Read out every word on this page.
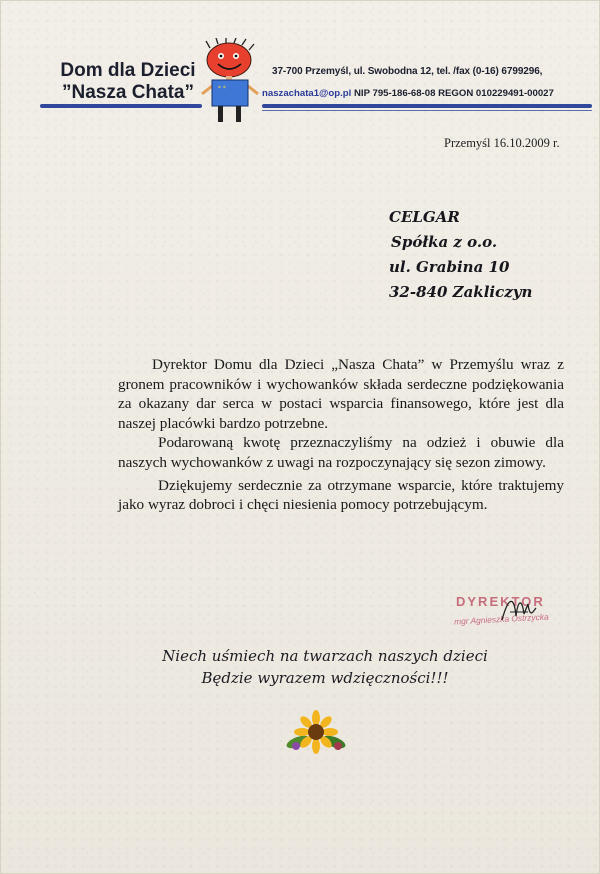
Dom dla Dzieci
”Nasza Chata”	* *
37-700 Przemyśl, ul. Swobodna 12, tel. /fax (0-16) 6799296,
naszachata1@op.pl NIP 795-186-68-08 REGON 010229491-00027
Przemyśl 16.10.2009 r.
CELGAR
Spółka z o.o.
ul. Grabina 10
32-840 Zakliczyn

Dyrektor Domu dla Dzieci „Nasza Chata” w Przemyślu wraz z gronem pracowników i wychowanków składa serdeczne podziękowania za okazany dar serca w postaci wsparcia finansowego, które jest dla naszej placówki bardzo potrzebne.

Podarowaną kwotę przeznaczyliśmy na odzież i obuwie dla naszych wychowanków z uwagi na rozpoczynający się sezon zimowy.

Dziękujemy serdecznie za otrzymane wsparcie, które traktujemy jako wyraz dobroci i chęci niesienia pomocy potrzebującym.

DYREKTOR
mgr Agnieszka Ostrzycka
Niech uśmiech na twarzach naszych dzieci
Będzie wyrazem wdzięczności!!!
